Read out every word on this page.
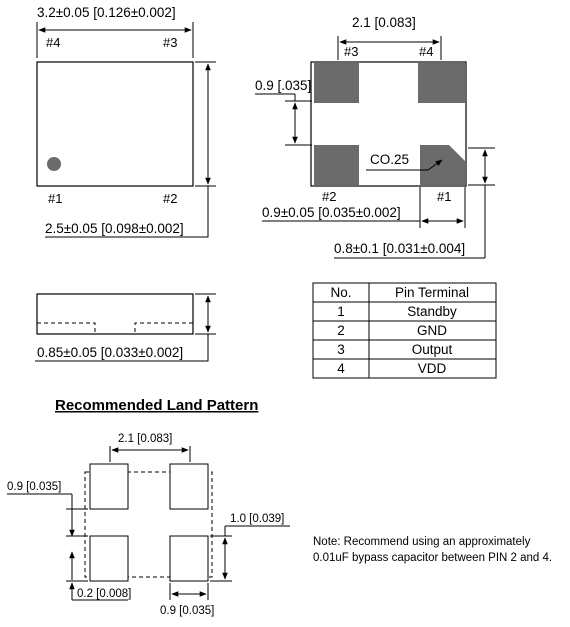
3.2±0.05 [0.126±0.002]
#4	#3
#1	#2
2.5±0.05 [0.098±0.002]
2.1 [0.083]
#3	#4
0.9 [.035]
CO.25
#2	#1
0.9±0.05 [0.035±0.002]
0.8±0.1 [0.031±0.004]
0.85±0.05 [0.033±0.002]
No.	Pin Terminal
1	Standby
2	GND
3	Output
4	VDD
Recommended Land Pattern
2.1 [0.083]
0.9 [0.035]
0.2 [0.008]
1.0 [0.039]
0.9 [0.035]
Note: Recommend using an approximately
0.01uF bypass capacitor between PIN 2 and 4.
